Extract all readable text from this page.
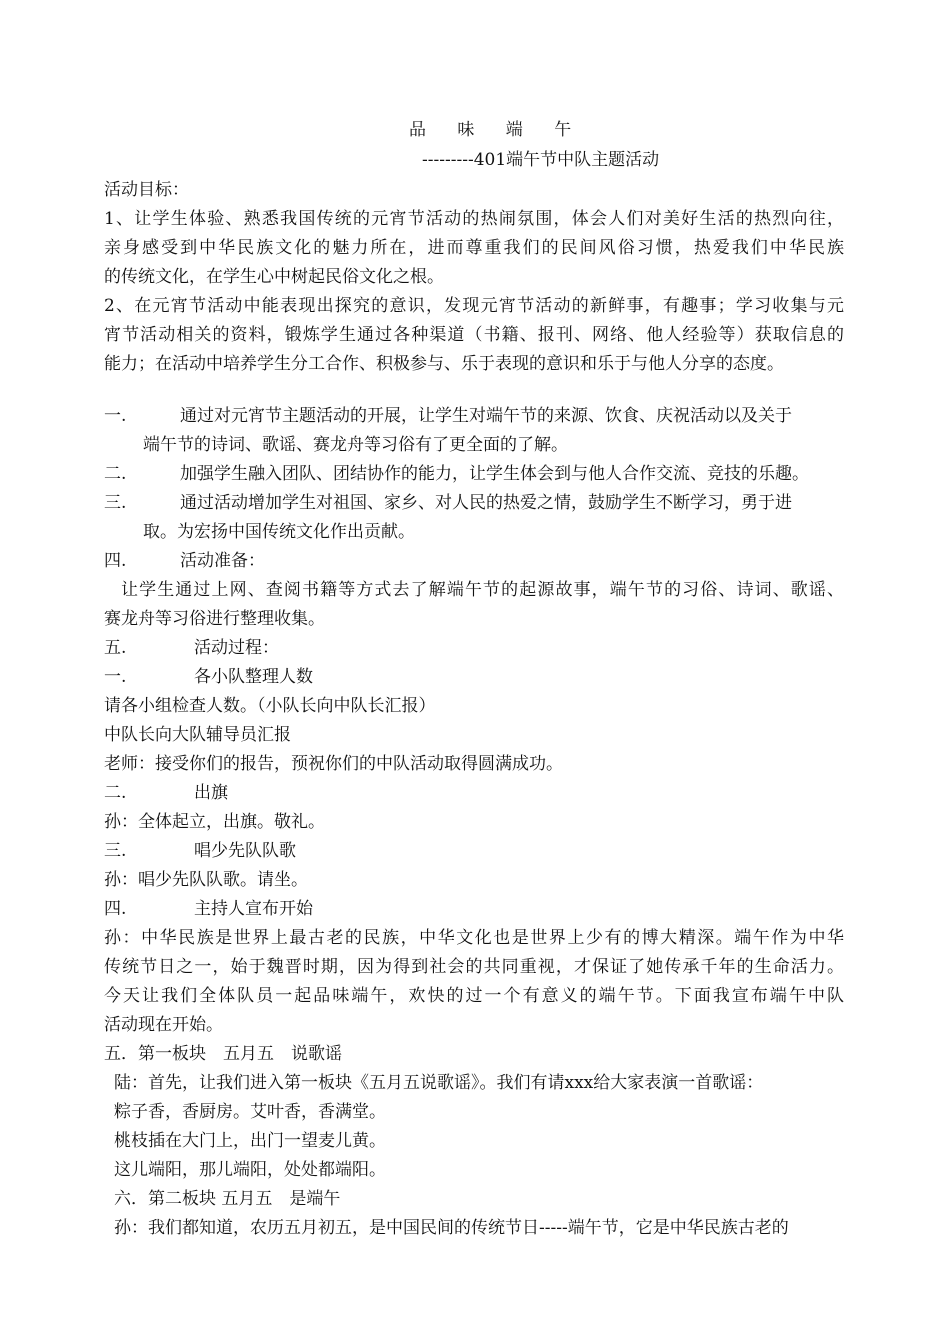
品 味 端 午
---------401端午节中队主题活动
活动目标：
1、让学生体验、熟悉我国传统的元宵节活动的热闹氛围，体会人们对美好生活的热烈向往，
亲身感受到中华民族文化的魅力所在，进而尊重我们的民间风俗习惯，热爱我们中华民族
的传统文化，在学生心中树起民俗文化之根。
2、在元宵节活动中能表现出探究的意识，发现元宵节活动的新鲜事，有趣事；学习收集与元
宵节活动相关的资料，锻炼学生通过各种渠道（书籍、报刊、网络、他人经验等）获取信息的
能力；在活动中培养学生分工合作、积极参与、乐于表现的意识和乐于与他人分享的态度。
一.	通过对元宵节主题活动的开展，让学生对端午节的来源、饮食、庆祝活动以及关于
端午节的诗词、歌谣、赛龙舟等习俗有了更全面的了解。
二.	加强学生融入团队、团结协作的能力，让学生体会到与他人合作交流、竞技的乐趣。
三.	通过活动增加学生对祖国、家乡、对人民的热爱之情，鼓励学生不断学习，勇于进
取。为宏扬中国传统文化作出贡献。
四.	活动准备：
让学生通过上网、查阅书籍等方式去了解端午节的起源故事，端午节的习俗、诗词、歌谣、
赛龙舟等习俗进行整理收集。
五.	活动过程：
一.	各小队整理人数
请各小组检查人数。（小队长向中队长汇报）
中队长向大队辅导员汇报
老师：接受你们的报告，预祝你们的中队活动取得圆满成功。
二.	出旗
孙：全体起立，出旗。敬礼。
三.	唱少先队队歌
孙：唱少先队队歌。请坐。
四.	主持人宣布开始
孙：中华民族是世界上最古老的民族，中华文化也是世界上少有的博大精深。端午作为中华
传统节日之一，始于魏晋时期，因为得到社会的共同重视，才保证了她传承千年的生命活力。
今天让我们全体队员一起品味端午，欢快的过一个有意义的端午节。下面我宣布端午中队
活动现在开始。
五．第一板块　五月五　说歌谣
陆：首先，让我们进入第一板块《五月五说歌谣》。我们有请xxx给大家表演一首歌谣：
粽子香，香厨房。艾叶香，香满堂。
桃枝插在大门上，出门一望麦儿黄。
这儿端阳，那儿端阳，处处都端阳。
六．第二板块 五月五　是端午
孙：我们都知道，农历五月初五，是中国民间的传统节日-----端午节，它是中华民族古老的
